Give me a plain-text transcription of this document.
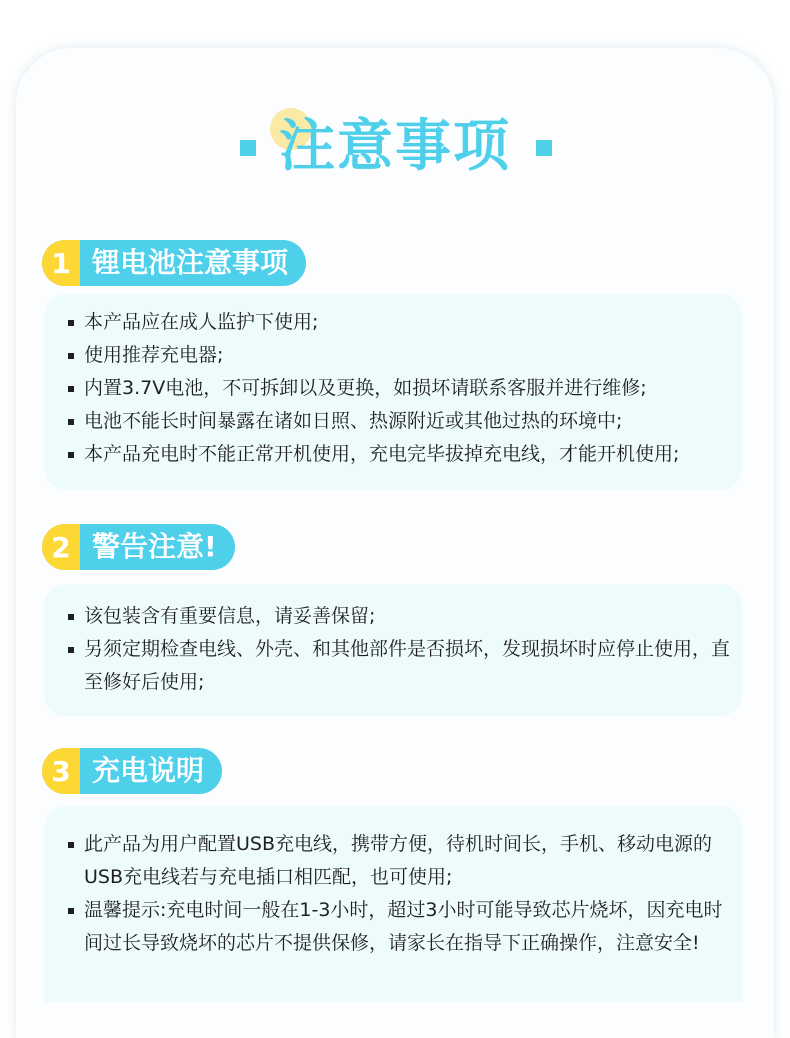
注意事项
1 锂电池注意事项
本产品应在成人监护下使用;
使用推荐充电器;
内置3.7V电池，不可拆卸以及更换，如损坏请联系客服并进行维修;
电池不能长时间暴露在诸如日照、热源附近或其他过热的环境中;
本产品充电时不能正常开机使用，充电完毕拔掉充电线，才能开机使用;
2 警告注意!
该包装含有重要信息，请妥善保留;
另须定期检查电线、外壳、和其他部件是否损坏，发现损坏时应停止使用，直至修好后使用;
3 充电说明
此产品为用户配置USB充电线，携带方便，待机时间长，手机、移动电源的USB充电线若与充电插口相匹配，也可使用;
温馨提示:充电时间一般在1-3小时，超过3小时可能导致芯片烧坏，因充电时间过长导致烧坏的芯片不提供保修，请家长在指导下正确操作，注意安全!
